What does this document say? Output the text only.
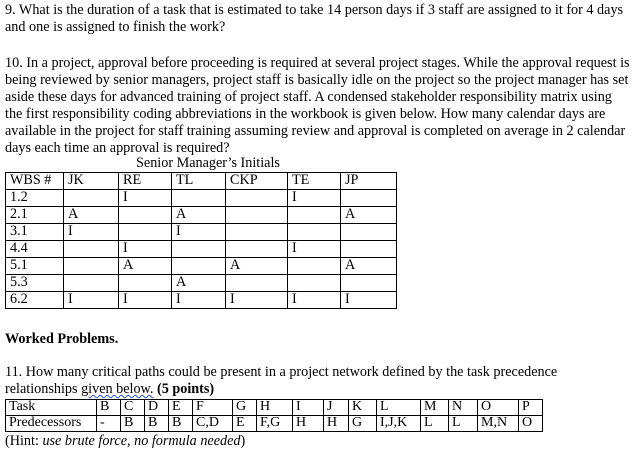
9. What is the duration of a task that is estimated to take 14 person days if 3 staff are assigned to it for 4 days and one is assigned to finish the work?
10. In a project, approval before proceeding is required at several project stages. While the approval request is being reviewed by senior managers, project staff is basically idle on the project so the project manager has set aside these days for advanced training of project staff. A condensed stakeholder responsibility matrix using the first responsibility coding abbreviations in the workbook is given below. How many calendar days are available in the project for staff training assuming review and approval is completed on average in 2 calendar days each time an approval is required?
Senior Manager’s Initials
WBS #	JK	RE	TL	CKP	TE	JP
1.2		I			I	
2.1	A		A			A
3.1	I		I			
4.4		I			I	
5.1		A		A		A
5.3			A			
6.2	I	I	I	I	I	I
Worked Problems.
11. How many critical paths could be present in a project network defined by the task precedence
relationships given below. (5 points)
Task	B	C	D	E	F	G	H	I	J	K	L	M	N	O	P
Predecessors	-	B	B	B	C,D	E	F,G	H	H	G	I,J,K	L	L	M,N	O
(Hint: use brute force, no formula needed)
